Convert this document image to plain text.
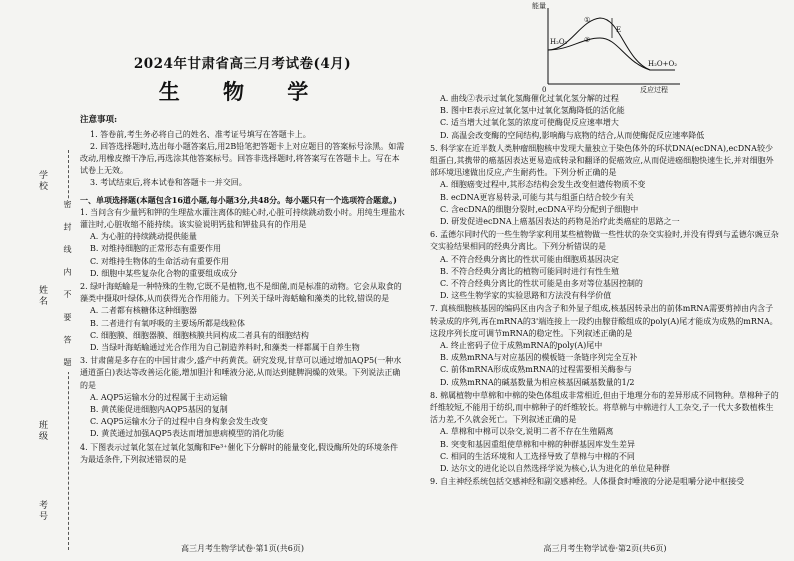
学校
姓名
班级
考号
密 封 线 内 不 要 答 题
2024年甘肃省高三月考试卷(4月)
生 物 学
注意事项:

1. 答卷前,考生务必将自己的姓名、准考证号填写在答题卡上。

2. 回答选择题时,选出每小题答案后,用2B铅笔把答题卡上对应题目的答案标号涂黑。如需改动,用橡皮擦干净后,再选涂其他答案标号。回答非选择题时,将答案写在答题卡上。写在本试卷上无效。

3. 考试结束后,将本试卷和答题卡一并交回。

一、单项选择题(本题包含16道小题,每小题3分,共48分。每小题只有一个选项符合题意。)

1. 当问含有少量钙和钾的生理盐水灌注离体的蛙心时,心脏可持续跳动数小时。用纯生理盐水灌注时,心脏收缩不能持续。该实验说明钙盐和钾盐具有的作用是

A. 为心脏的持续跳动提供能量

B. 对维持细胞的正常形态有重要作用

C. 对维持生物体的生命活动有重要作用

D. 细胞中某些复杂化合物的重要组成成分

2. 绿叶海蛞蝓是一种特殊的生物,它既不是植物,也不是细菌,而是标准的动物。它会从取食的藻类中摄取叶绿体,从而获得光合作用能力。下列关于绿叶海蛞蝓和藻类的比较,错误的是

A. 二者都有核糖体这种细胞器

B. 二者进行有氧呼吸的主要场所都是线粒体

C. 细胞膜、细胞器膜、细胞核膜共同构成二者具有的细胞结构

D. 当绿叶海蛞蝓通过光合作用为自己制造养料时,和藻类一样都属于自养生物

3. 甘肃菌是多存在的中国甘肃少,盛产中药黄芪。研究发现,甘草可以通过增加AQP5(一种水通道蛋白)表达等改善运化能,增加胆汁和唾液分泌,从而达到健脾润燥的效果。下列说法正确的是

A. AQP5运输水分的过程属于主动运输

B. 黄芪能促进细胞内AQP5基因的复制

C. AQP5运输水分子的过程中自身构象会发生改变

D. 黄芪通过加强AQP5表达而增加患病模型的消化功能

4. 下图表示过氧化氢在过氧化氢酶和Fe³⁺催化下分解时的能量变化,假设酶所处的环境条件为最适条件,下列叙述错误的是

高三月考生物学试卷·第1页(共6页)
能量
反应过程
H₂O₂
H₂O+O₂
E
①
②
0

A. 曲线②表示过氧化氢酶催化过氧化氢分解的过程

B. 图中E表示应过氧化氢中过氧化氢酶降低的活化能

C. 适当增大过氧化氢的浓度可使酶促反应速率增大

D. 高温会改变酶的空间结构,影响酶与底物的结合,从而使酶促反应速率降低

5. 科学家在近半数人类肿瘤细胞核中发现大量独立于染色体外的环状DNA(ecDNA),ecDNA较少组蛋白,其携带的癌基因表达更易造成转录和翻译的促癌效应,从而促进癌细胞快速生长,并对细胞外部环境迅速做出反应,产生耐药性。下列分析正确的是

A. 细胞癌变过程中,其形态结构会发生改变但遗传物质不变

B. ecDNA更容易转录,可能与其与组蛋白结合较少有关

C. 含ecDNA的细胞分裂时,ecDNA平均分配到子细胞中

D. 研发促进ecDNA上癌基因表达的药物是治疗此类癌症的思路之一

6. 孟德尔同时代的一些生物学家利用某些植物做一些性状的杂交实验时,并没有得到与孟德尔豌豆杂交实验结果相同的经典分离比。下列分析错误的是

A. 不符合经典分离比的性状可能由细胞质基因决定

B. 不符合经典分离比的植物可能同时进行有性生殖

C. 不符合经典分离比的性状可能是由多对等位基因控制的

D. 这些生物学家的实验思路和方法没有科学价值

7. 真核细胞核基因的编码区由内含子和外显子组成,核基因转录出的前体mRNA需要剪掉由内含子转录成的序列,再在mRNA的3'端连接上一段约由腺苷酸组成的poly(A)尾才能成为成熟的mRNA。这段序列长度可调节mRNA的稳定性。下列叙述正确的是

A. 终止密码子位于成熟mRNA的poly(A)尾中

B. 成熟mRNA与对应基因的模板链一条链序列完全互补

C. 前体mRNA形成成熟mRNA的过程需要相关酶参与

D. 成熟mRNA的碱基数量为相应核基因碱基数量的1/2

8. 棉属植物中草棉和中棉的染色体组成非常相近,但由于地理分布的差异形成不同物种。草棉种子的纤维较短,不能用于纺织,而中棉种子的纤维较长。将草棉与中棉进行人工杂交,子一代大多数植株生活力差,不久就会死亡。下列叙述正确的是

A. 草棉和中棉可以杂交,说明二者不存在生殖隔离

B. 突变和基因重组使草棉和中棉的种群基因库发生差异

C. 相同的生活环境和人工选择导致了草棉与中棉的不同

D. 达尔文的进化论以自然选择学说为核心,认为进化的单位是种群

9. 自主神经系统包括交感神经和副交感神经。人体摄食时唾液的分泌是咀嚼分泌中枢接受

高三月考生物学试卷·第2页(共6页)
